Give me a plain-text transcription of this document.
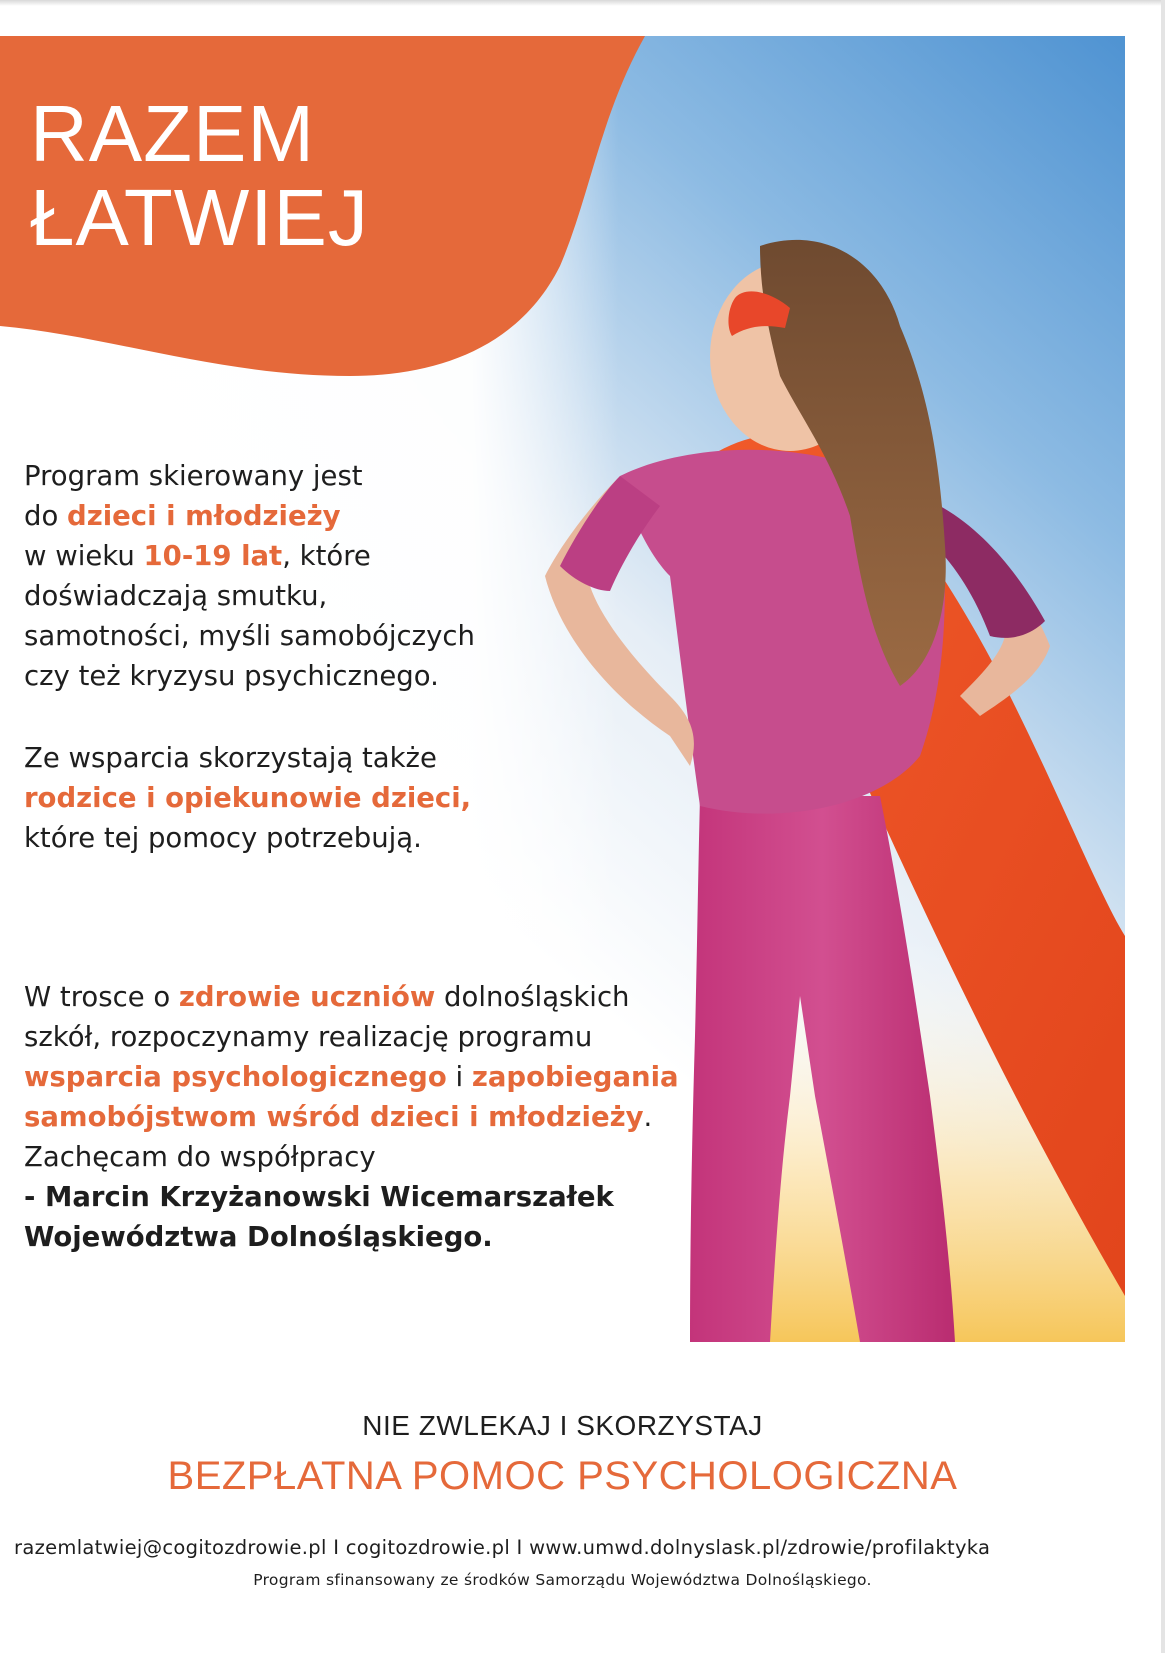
RAZEM
ŁATWIEJ

Program skierowany jest
do dzieci i młodzieży
w wieku 10-19 lat, które
doświadczają smutku,
samotności, myśli samobójczych
czy też kryzysu psychicznego.

Ze wsparcia skorzystają także
rodzice i opiekunowie dzieci,
które tej pomocy potrzebują.

W trosce o zdrowie uczniów dolnośląskich
szkół, rozpoczynamy realizację programu
wsparcia psychologicznego i zapobiegania
samobójstwom wśród dzieci i młodzieży.
Zachęcam do współpracy
- Marcin Krzyżanowski Wicemarszałek
Województwa Dolnośląskiego.

NIE ZWLEKAJ I SKORZYSTAJ
BEZPŁATNA POMOC PSYCHOLOGICZNA
razemlatwiej@cogitozdrowie.pl I cogitozdrowie.pl I www.umwd.dolnyslask.pl/zdrowie/profilaktyka
Program sfinansowany ze środków Samorządu Województwa Dolnośląskiego.
